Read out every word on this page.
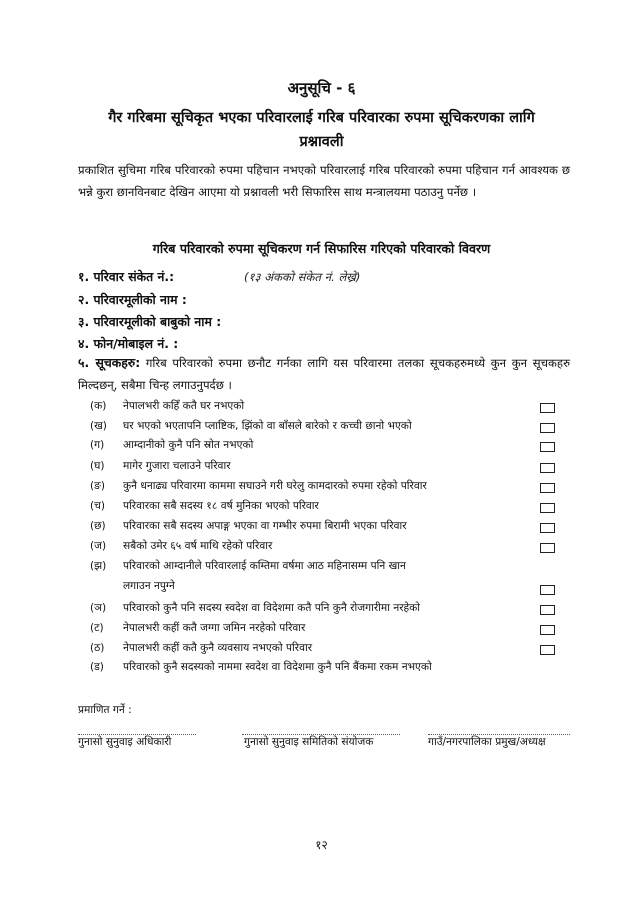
अनुसूचि - ६
गैर गरिबमा सूचिकृत भएका परिवारलाई गरिब परिवारका रुपमा सूचिकरणका लागि
प्रश्नावली
प्रकाशित सुचिमा गरिब परिवारको रुपमा पहिचान नभएको परिवारलाई गरिब परिवारको रुपमा पहिचान गर्न आवश्यक छ भन्ने कुरा छानविनबाट देखिन आएमा यो प्रश्नावली भरी सिफारिस साथ मन्त्रालयमा पठाउनु पर्नेछ ।
गरिब परिवारको रुपमा सूचिकरण गर्न सिफारिस गरिएको परिवारको विवरण
१. परिवार संकेत नं.:	(१३ अंकको संकेत नं. लेख्रे)
२. परिवारमूलीको नाम :
३. परिवारमूलीको बाबुको नाम :
४. फोन/मोबाइल नं. :
५. सूचकहरु: गरिब परिवारको रुपमा छनौट गर्नका लागि यस परिवारमा तलका सूचकहरुमध्ये कुन कुन सूचकहरु मिल्दछन्, सबैमा चिन्ह लगाउनुपर्दछ ।
(क) नेपालभरी कहिँ कतै घर नभएको
(ख) घर भएको भएतापनि प्लाष्टिक, झिंको वा बाँसले बारेको र कच्ची छानो भएको
(ग) आम्दानीको कुनै पनि स्रोत नभएको
(घ) मागेर गुजारा चलाउने परिवार
(ङ) कुनै धनाढ्य परिवारमा काममा सघाउने गरी घरेलु कामदारको रुपमा रहेको परिवार
(च) परिवारका सबै सदस्य १८ वर्ष मुनिका भएको परिवार
(छ) परिवारका सबै सदस्य अपाङ्ग भएका वा गम्भीर रुपमा बिरामी भएका परिवार
(ज) सबैको उमेर ६५ वर्ष माथि रहेको परिवार
(झ) परिवारको आम्दानीले परिवारलाई कम्तिमा वर्षमा आठ महिनासम्म पनि खान
लगाउन नपुग्ने
(ञ) परिवारको कुनै पनि सदस्य स्वदेश वा विदेशमा कतै पनि कुनै रोजगारीमा नरहेको
(ट) नेपालभरी कहीं कतै जग्गा जमिन नरहेको परिवार
(ठ) नेपालभरी कहीं कतै कुनै व्यवसाय नभएको परिवार
(ड) परिवारको कुनै सदस्यको नाममा स्वदेश वा विदेशमा कुनै पनि बैंकमा रकम नभएको
प्रमाणित गर्ने :
गुनासो सुनुवाइ अधिकारी	गुनासो सुनुवाइ समितिको संयोजक	गाउँ/नगरपालिका प्रमुख/अध्यक्ष
१२
